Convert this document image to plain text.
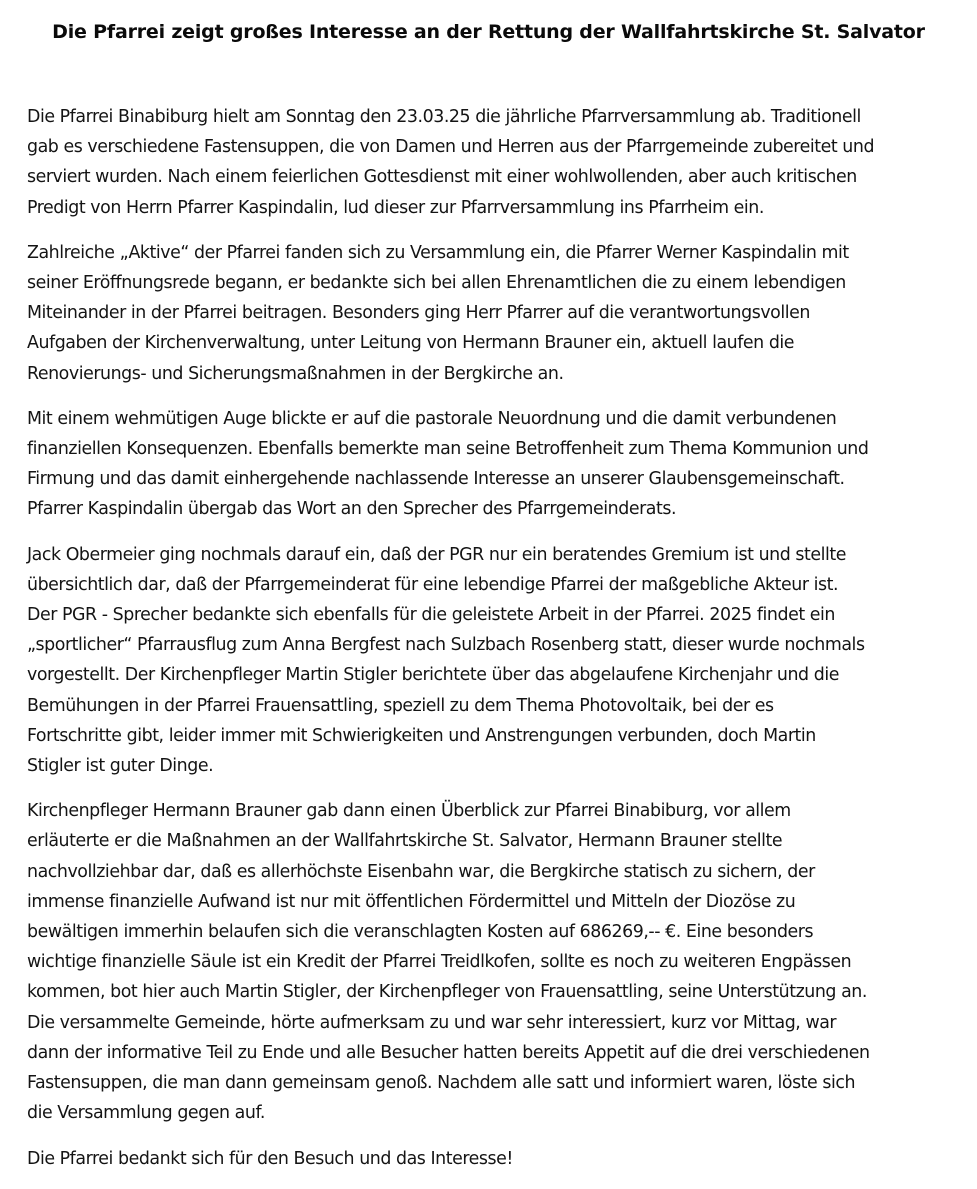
Die Pfarrei zeigt großes Interesse an der Rettung der Wallfahrtskirche St. Salvator

Die Pfarrei Binabiburg hielt am Sonntag den 23.03.25 die jährliche Pfarrversammlung ab. Traditionell
gab es verschiedene Fastensuppen, die von Damen und Herren aus der Pfarrgemeinde zubereitet und
serviert wurden. Nach einem feierlichen Gottesdienst mit einer wohlwollenden, aber auch kritischen
Predigt von Herrn Pfarrer Kaspindalin, lud dieser zur Pfarrversammlung ins Pfarrheim ein.

Zahlreiche „Aktive“ der Pfarrei fanden sich zu Versammlung ein, die Pfarrer Werner Kaspindalin mit
seiner Eröffnungsrede begann, er bedankte sich bei allen Ehrenamtlichen die zu einem lebendigen
Miteinander in der Pfarrei beitragen. Besonders ging Herr Pfarrer auf die verantwortungsvollen
Aufgaben der Kirchenverwaltung, unter Leitung von Hermann Brauner ein, aktuell laufen die
Renovierungs- und Sicherungsmaßnahmen in der Bergkirche an.

Mit einem wehmütigen Auge blickte er auf die pastorale Neuordnung und die damit verbundenen
finanziellen Konsequenzen. Ebenfalls bemerkte man seine Betroffenheit zum Thema Kommunion und
Firmung und das damit einhergehende nachlassende Interesse an unserer Glaubensgemeinschaft.
Pfarrer Kaspindalin übergab das Wort an den Sprecher des Pfarrgemeinderats.

Jack Obermeier ging nochmals darauf ein, daß der PGR nur ein beratendes Gremium ist und stellte
übersichtlich dar, daß der Pfarrgemeinderat für eine lebendige Pfarrei der maßgebliche Akteur ist.
Der PGR - Sprecher bedankte sich ebenfalls für die geleistete Arbeit in der Pfarrei. 2025 findet ein
„sportlicher“ Pfarrausflug zum Anna Bergfest nach Sulzbach Rosenberg statt, dieser wurde nochmals
vorgestellt. Der Kirchenpfleger Martin Stigler berichtete über das abgelaufene Kirchenjahr und die
Bemühungen in der Pfarrei Frauensattling, speziell zu dem Thema Photovoltaik, bei der es
Fortschritte gibt, leider immer mit Schwierigkeiten und Anstrengungen verbunden, doch Martin
Stigler ist guter Dinge.

Kirchenpfleger Hermann Brauner gab dann einen Überblick zur Pfarrei Binabiburg, vor allem
erläuterte er die Maßnahmen an der Wallfahrtskirche St. Salvator, Hermann Brauner stellte
nachvollziehbar dar, daß es allerhöchste Eisenbahn war, die Bergkirche statisch zu sichern, der
immense finanzielle Aufwand ist nur mit öffentlichen Fördermittel und Mitteln der Diozöse zu
bewältigen immerhin belaufen sich die veranschlagten Kosten auf 686269,-- €. Eine besonders
wichtige finanzielle Säule ist ein Kredit der Pfarrei Treidlkofen, sollte es noch zu weiteren Engpässen
kommen, bot hier auch Martin Stigler, der Kirchenpfleger von Frauensattling, seine Unterstützung an.
Die versammelte Gemeinde, hörte aufmerksam zu und war sehr interessiert, kurz vor Mittag, war
dann der informative Teil zu Ende und alle Besucher hatten bereits Appetit auf die drei verschiedenen
Fastensuppen, die man dann gemeinsam genoß. Nachdem alle satt und informiert waren, löste sich
die Versammlung gegen auf.

Die Pfarrei bedankt sich für den Besuch und das Interesse!
